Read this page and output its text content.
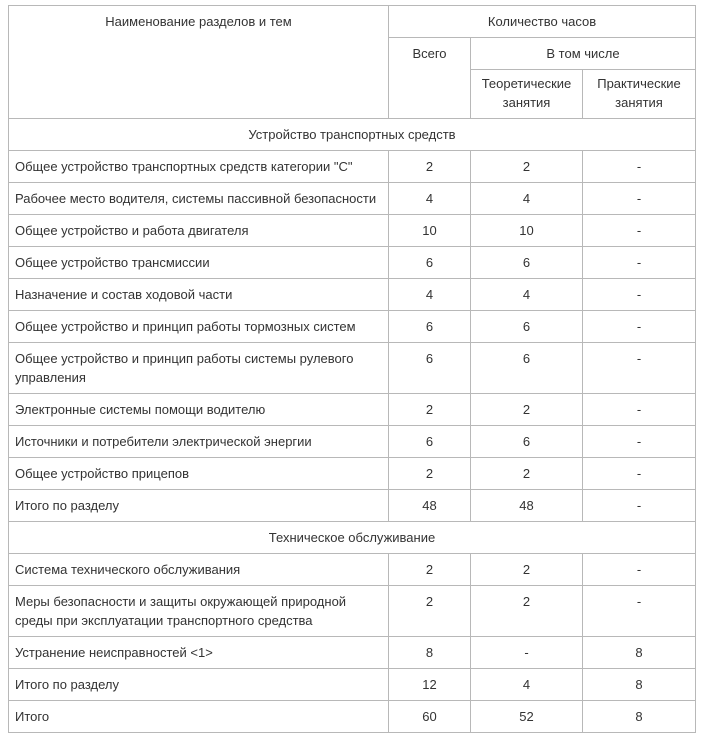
Наименование разделов и тем	Количество часов		
	Всего	В том числе	
		Теоретические занятия	Практические занятия
Устройство транспортных средств			
Общее устройство транспортных средств категории "С"	2	2	-
Рабочее место водителя, системы пассивной безопасности	4	4	-
Общее устройство и работа двигателя	10	10	-
Общее устройство трансмиссии	6	6	-
Назначение и состав ходовой части	4	4	-
Общее устройство и принцип работы тормозных систем	6	6	-
Общее устройство и принцип работы системы рулевого управления	6	6	-
Электронные системы помощи водителю	2	2	-
Источники и потребители электрической энергии	6	6	-
Общее устройство прицепов	2	2	-
Итого по разделу	48	48	-
Техническое обслуживание			
Система технического обслуживания	2	2	-
Меры безопасности и защиты окружающей природной среды при эксплуатации транспортного средства	2	2	-
Устранение неисправностей <1>	8	-	8
Итого по разделу	12	4	8
Итого	60	52	8
